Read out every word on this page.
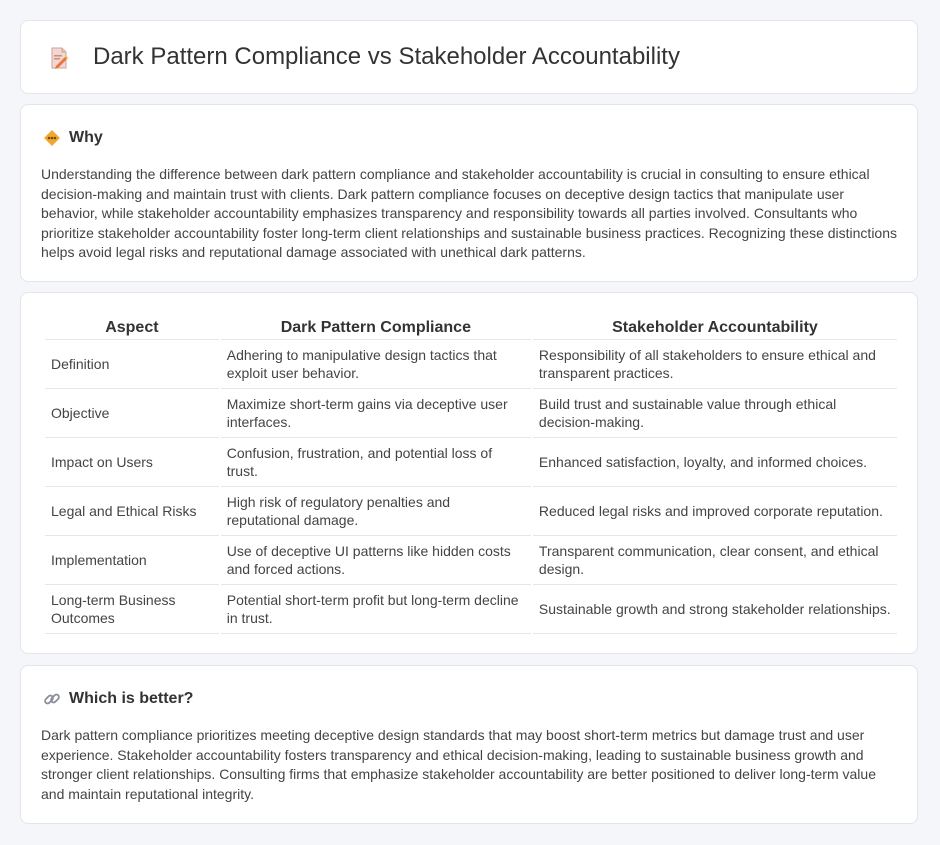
Dark Pattern Compliance vs Stakeholder Accountability
Why
Understanding the difference between dark pattern compliance and stakeholder accountability is crucial in consulting to ensure ethical decision-making and maintain trust with clients. Dark pattern compliance focuses on deceptive design tactics that manipulate user behavior, while stakeholder accountability emphasizes transparency and responsibility towards all parties involved. Consultants who prioritize stakeholder accountability foster long-term client relationships and sustainable business practices. Recognizing these distinctions helps avoid legal risks and reputational damage associated with unethical dark patterns.
Aspect	Dark Pattern Compliance	Stakeholder Accountability
Definition	Adhering to manipulative design tactics that exploit user behavior.	Responsibility of all stakeholders to ensure ethical and transparent practices.
Objective	Maximize short-term gains via deceptive user interfaces.	Build trust and sustainable value through ethical decision-making.
Impact on Users	Confusion, frustration, and potential loss of trust.	Enhanced satisfaction, loyalty, and informed choices.
Legal and Ethical Risks	High risk of regulatory penalties and reputational damage.	Reduced legal risks and improved corporate reputation.
Implementation	Use of deceptive UI patterns like hidden costs and forced actions.	Transparent communication, clear consent, and ethical design.
Long-term Business Outcomes	Potential short-term profit but long-term decline in trust.	Sustainable growth and strong stakeholder relationships.
Which is better?
Dark pattern compliance prioritizes meeting deceptive design standards that may boost short-term metrics but damage trust and user experience. Stakeholder accountability fosters transparency and ethical decision-making, leading to sustainable business growth and stronger client relationships. Consulting firms that emphasize stakeholder accountability are better positioned to deliver long-term value and maintain reputational integrity.
